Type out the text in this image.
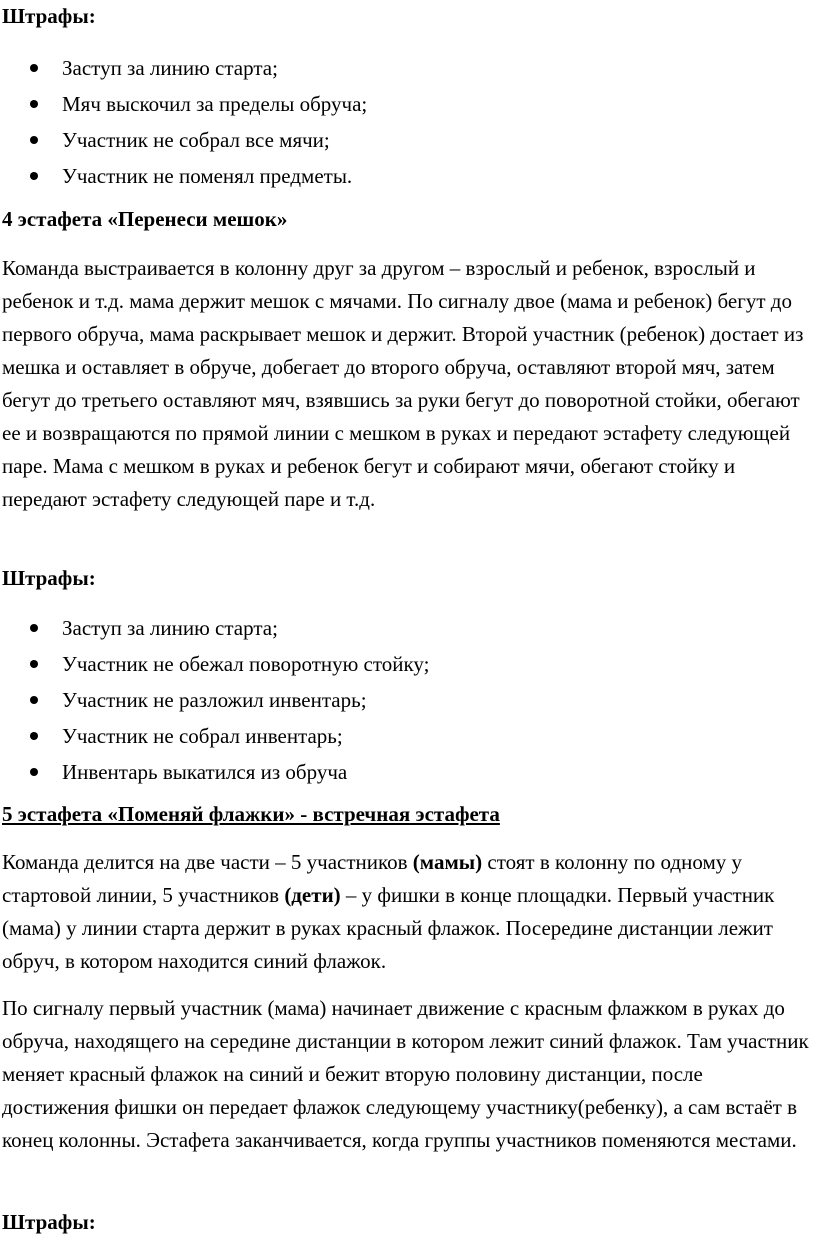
Штрафы:

Заступ за линию старта;
Мяч выскочил за пределы обруча;
Участник не собрал все мячи;
Участник не поменял предметы.

4 эстафета «Перенеси мешок»

Команда выстраивается в колонну друг за другом – взрослый и ребенок, взрослый и ребенок и т.д. мама держит мешок с мячами. По сигналу двое (мама и ребенок) бегут до первого обруча, мама раскрывает мешок и держит. Второй участник (ребенок) достает из мешка и оставляет в обруче, добегает до второго обруча, оставляют второй мяч, затем бегут до третьего оставляют мяч, взявшись за руки бегут до поворотной стойки, обегают ее и возвращаются по прямой линии с мешком в руках и передают эстафету следующей паре. Мама с мешком в руках и ребенок бегут и собирают мячи, обегают стойку и передают эстафету следующей паре и т.д.

Штрафы:

Заступ за линию старта;
Участник не обежал поворотную стойку;
Участник не разложил инвентарь;
Участник не собрал инвентарь;
Инвентарь выкатился из обруча

5 эстафета «Поменяй флажки» - встречная эстафета

Команда делится на две части – 5 участников (мамы) стоят в колонну по одному у стартовой линии, 5 участников (дети) – у фишки в конце площадки. Первый участник (мама) у линии старта держит в руках красный флажок. Посередине дистанции лежит обруч, в котором находится синий флажок.

По сигналу первый участник (мама) начинает движение с красным флажком в руках до обруча, находящего на середине дистанции в котором лежит синий флажок. Там участник меняет красный флажок на синий и бежит вторую половину дистанции, после достижения фишки он передает флажок следующему участнику(ребенку), а сам встаёт в конец колонны. Эстафета заканчивается, когда группы участников поменяются местами.

Штрафы:
